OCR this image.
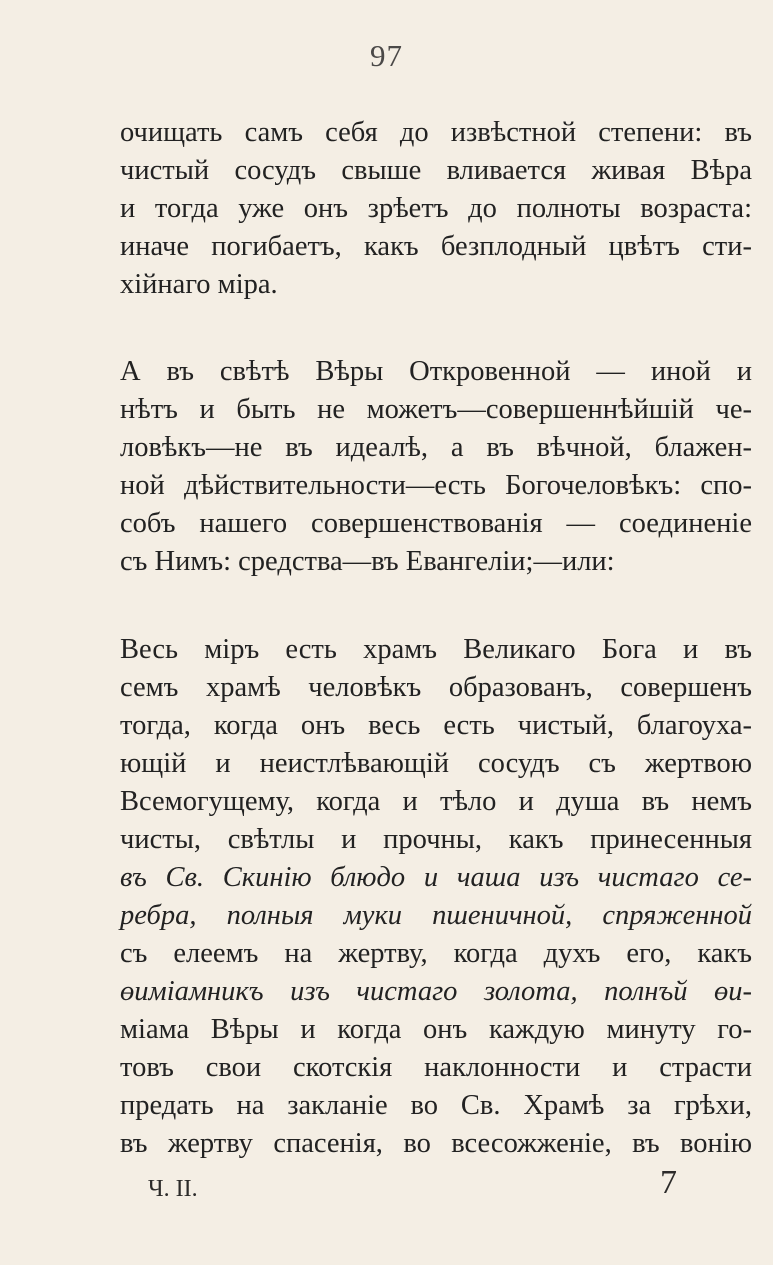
97
очищать самъ себя до извѣстной степени: въ
чистый сосудъ свыше вливается живая Вѣра
и тогда уже онъ зрѣетъ до полноты возраста:
иначе погибаетъ, какъ безплодный цвѣтъ сти-
хійнаго міра.
А въ свѣтѣ Вѣры Откровенной — иной и
нѣтъ и быть не можетъ—совершеннѣйшій че-
ловѣкъ—не въ идеалѣ, а въ вѣчной, блажен-
ной дѣйствительности—есть Богочеловѣкъ: спо-
собъ нашего совершенствованія — соединеніе
съ Нимъ: средства—въ Евангеліи;—или:
Весь міръ есть храмъ Великаго Бога и въ
семъ храмѣ человѣкъ образованъ, совершенъ
тогда, когда онъ весь есть чистый, благоуха-
ющій и неистлѣвающій сосудъ съ жертвою
Всемогущему, когда и тѣло и душа въ немъ
чисты, свѣтлы и прочны, какъ принесенныя
въ Св. Скинію блюдо и чаша изъ чистаго се-
ребра, полныя муки пшеничной, спряженной
съ елеемъ на жертву, когда духъ его, какъ
өиміамникъ изъ чистаго золота, полнъй өи-
міама Вѣры и когда онъ каждую минуту го-
товъ свои скотскія наклонности и страсти
предать на закланіе во Св. Храмѣ за грѣхи,
въ жертву спасенія, во всесожженіе, въ вонію
Ч. II.	7
